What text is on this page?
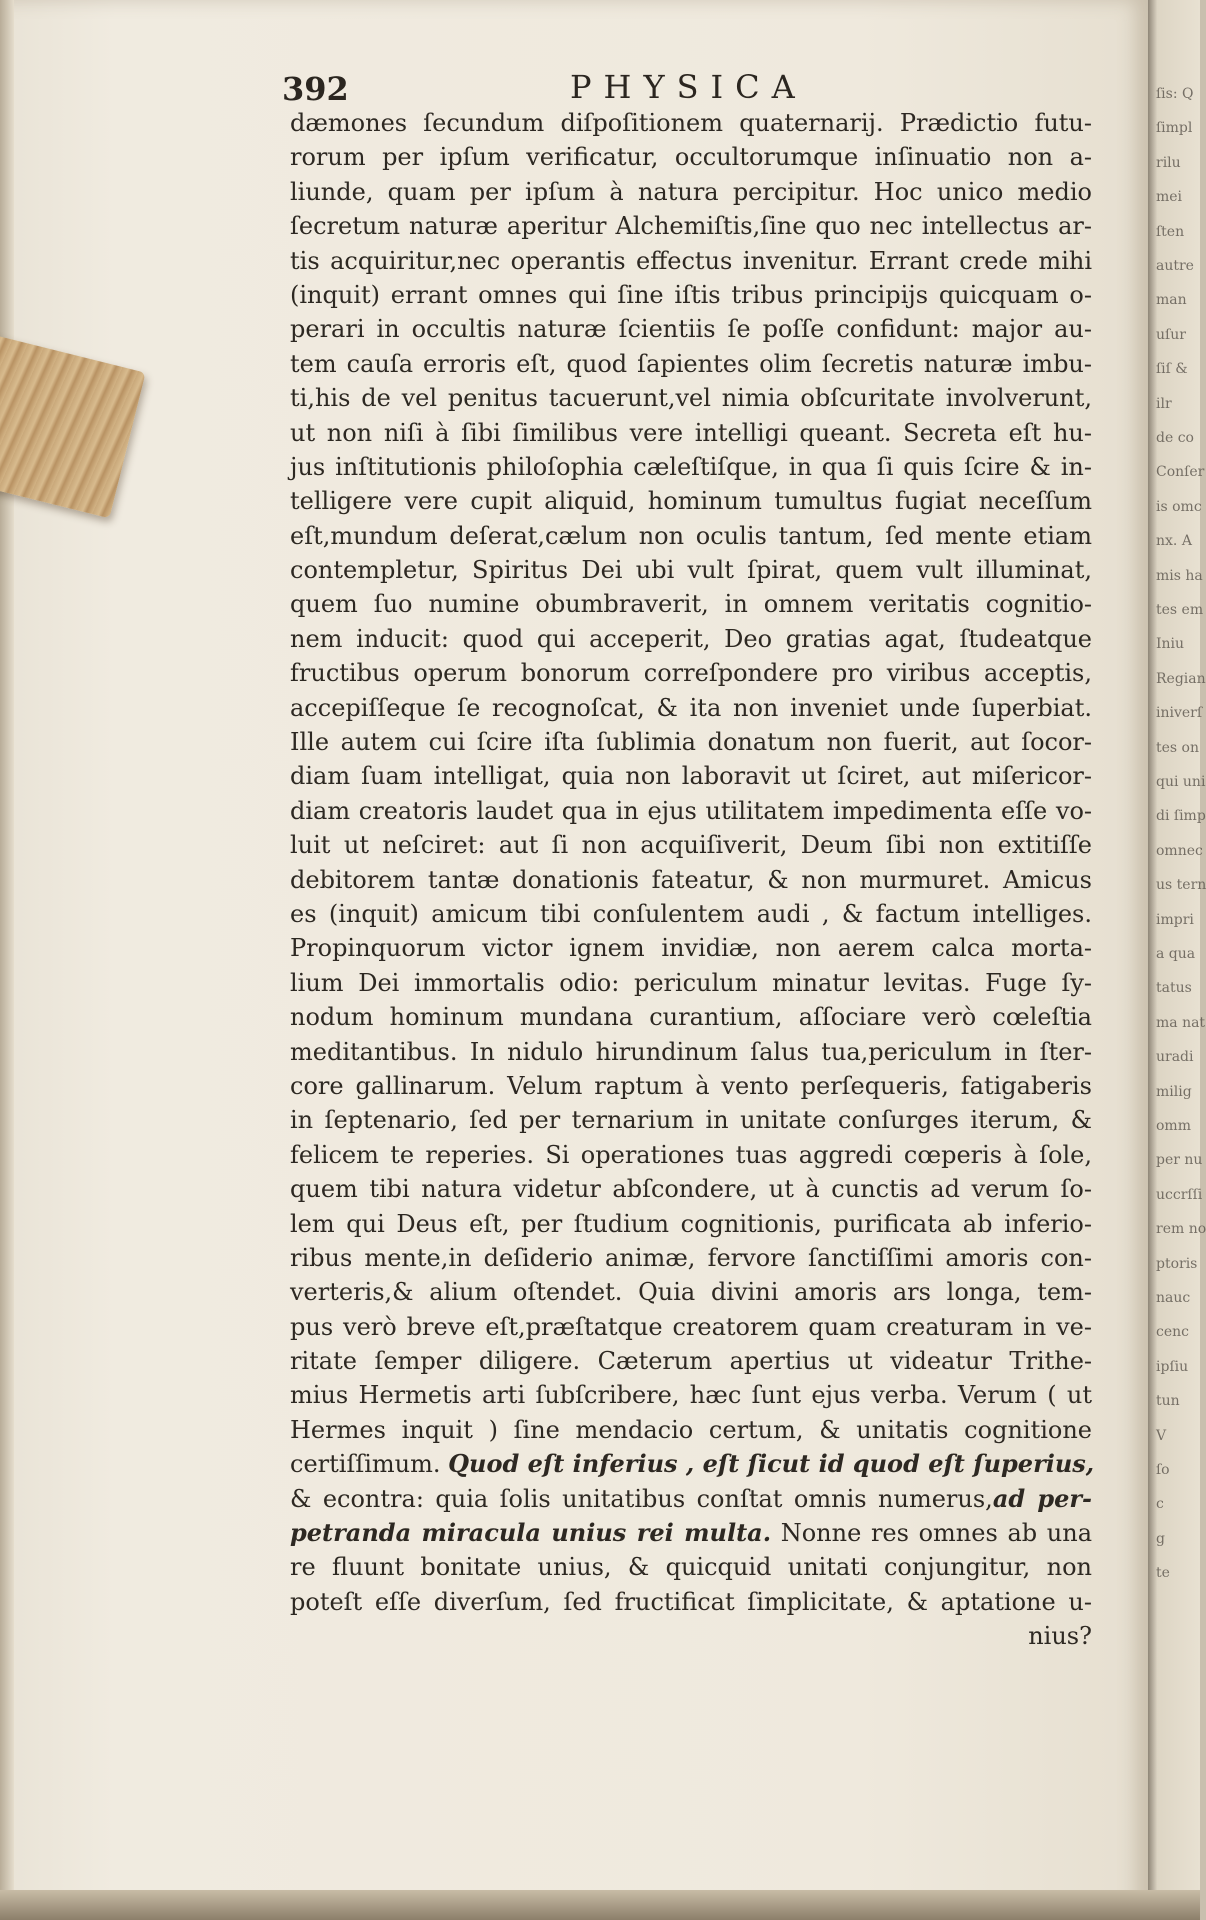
ſis: Q
ſimpl
rilu
mei
ſten
autre
man
uſur
ſiſ &
ilr
de co
Conſer
is omc
nx. A
mis ha
tes em
Iniu
Regian
iniverſ
tes on
qui uni
di ſimp
omnec
us tern
impri
a qua
tatus
ma nat
uradi
milig
omm
per nu
uccrſſi
rem no
ptoris
nauc
cenc
ipſiu
tun
V
ſo
c
g
te
392	PHYSICA
dæmones ſecundum diſpoſitionem quaternarij. Prædictio futu-
rorum per ipſum verificatur, occultorumque inſinuatio non a-
liunde, quam per ipſum à natura percipitur. Hoc unico medio
ſecretum naturæ aperitur Alchemiſtis,ſine quo nec intellectus ar-
tis acquiritur,nec operantis effectus invenitur. Errant crede mihi
(inquit) errant omnes qui ſine iſtis tribus principijs quicquam o-
perari in occultis naturæ ſcientiis ſe poſſe confidunt: major au-
tem cauſa erroris eſt, quod ſapientes olim ſecretis naturæ imbu-
ti,his de vel penitus tacuerunt,vel nimia obſcuritate involverunt,
ut non niſi à ſibi ſimilibus vere intelligi queant. Secreta eſt hu-
jus inſtitutionis philoſophia cæleſtiſque, in qua ſi quis ſcire & in-
telligere vere cupit aliquid, hominum tumultus fugiat neceſſum
eſt,mundum deſerat,cælum non oculis tantum, ſed mente etiam
contempletur, Spiritus Dei ubi vult ſpirat, quem vult illuminat,
quem ſuo numine obumbraverit, in omnem veritatis cognitio-
nem inducit: quod qui acceperit, Deo gratias agat, ſtudeatque
fructibus operum bonorum correſpondere pro viribus acceptis,
accepiſſeque ſe recognoſcat, & ita non inveniet unde ſuperbiat.
Ille autem cui ſcire iſta ſublimia donatum non fuerit, aut ſocor-
diam ſuam intelligat, quia non laboravit ut ſciret, aut miſericor-
diam creatoris laudet qua in ejus utilitatem impedimenta eſſe vo-
luit ut neſciret: aut ſi non acquiſiverit, Deum ſibi non extitiſſe
debitorem tantæ donationis fateatur, & non murmuret. Amicus
es (inquit) amicum tibi conſulentem audi , & factum intelliges.
Propinquorum victor ignem invidiæ, non aerem calca morta-
lium Dei immortalis odio: periculum minatur levitas. Fuge ſy-
nodum hominum mundana curantium, aſſociare verò cœleſtia
meditantibus. In nidulo hirundinum ſalus tua,periculum in ſter-
core gallinarum. Velum raptum à vento perſequeris, fatigaberis
in ſeptenario, ſed per ternarium in unitate conſurges iterum, &
felicem te reperies. Si operationes tuas aggredi cœperis à ſole,
quem tibi natura videtur abſcondere, ut à cunctis ad verum ſo-
lem qui Deus eſt, per ſtudium cognitionis, purificata ab inferio-
ribus mente,in deſiderio animæ, fervore ſanctiſſimi amoris con-
verteris,& alium oſtendet. Quia divini amoris ars longa, tem-
pus verò breve eſt,præſtatque creatorem quam creaturam in ve-
ritate ſemper diligere. Cæterum apertius ut videatur Trithe-
mius Hermetis arti ſubſcribere, hæc ſunt ejus verba. Verum ( ut
Hermes inquit ) ſine mendacio certum, & unitatis cognitione
certiſſimum. Quod eſt inferius , eſt ſicut id quod eſt ſuperius,
& econtra: quia ſolis unitatibus conſtat omnis numerus,ad per-
petranda miracula unius rei multa. Nonne res omnes ab una
re fluunt bonitate unius, & quicquid unitati conjungitur, non
poteſt eſſe diverſum, ſed fructificat ſimplicitate, & aptatione u-
nius?
